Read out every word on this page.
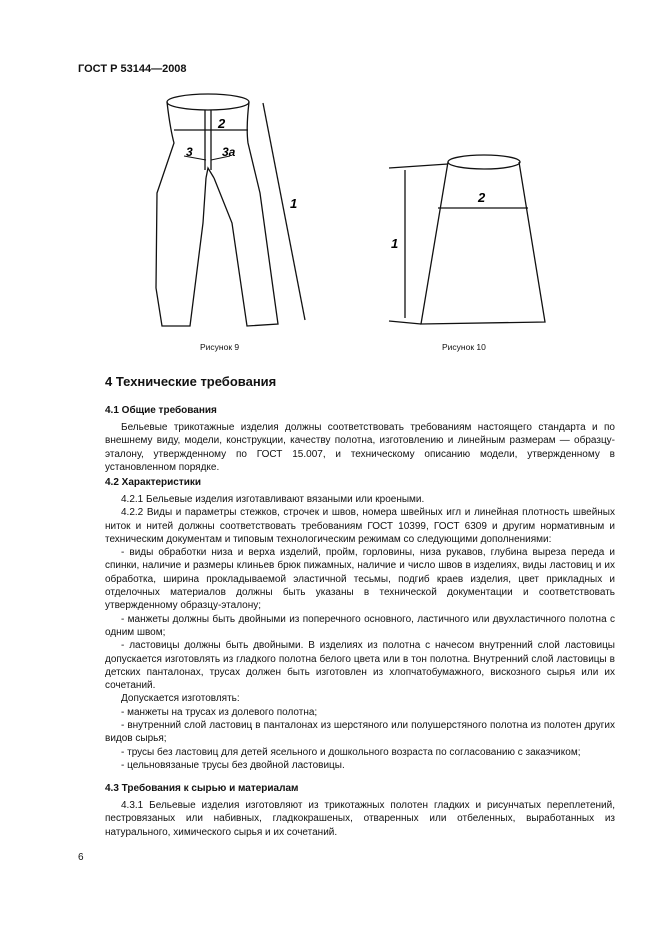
ГОСТ Р 53144—2008
2
3 3а
1
Рисунок 9
2
1
Рисунок 10
4 Технические требования
4.1 Общие требования

Бельевые трикотажные изделия должны соответствовать требованиям настоящего стандарта и по внешнему виду, модели, конструкции, качеству полотна, изготовлению и линейным размерам — образцу-эталону, утвержденному по ГОСТ 15.007, и техническому описанию модели, утвержденному в установленном порядке.

4.2 Характеристики

4.2.1 Бельевые изделия изготавливают вязаными или кроеными.

4.2.2 Виды и параметры стежков, строчек и швов, номера швейных игл и линейная плотность швейных ниток и нитей должны соответствовать требованиям ГОСТ 10399, ГОСТ 6309 и другим нормативным и техническим документам и типовым технологическим режимам со следующими дополнениями:

- виды обработки низа и верха изделий, пройм, горловины, низа рукавов, глубина выреза переда и спинки, наличие и размеры клиньев брюк пижамных, наличие и число швов в изделиях, виды ластовиц и их обработка, ширина прокладываемой эластичной тесьмы, подгиб краев изделия, цвет прикладных и отделочных материалов должны быть указаны в технической документации и соответствовать утвержденному образцу-эталону;

- манжеты должны быть двойными из поперечного основного, ластичного или двухластичного полотна с одним швом;

- ластовицы должны быть двойными. В изделиях из полотна с начесом внутренний слой ластовицы допускается изготовлять из гладкого полотна белого цвета или в тон полотна. Внутренний слой ластовицы в детских панталонах, трусах должен быть изготовлен из хлопчатобумажного, вискозного сырья или их сочетаний.

Допускается изготовлять:

- манжеты на трусах из долевого полотна;

- внутренний слой ластовиц в панталонах из шерстяного или полушерстяного полотна из полотен других видов сырья;

- трусы без ластовиц для детей ясельного и дошкольного возраста по согласованию с заказчиком;

- цельновязаные трусы без двойной ластовицы.

4.3 Требования к сырью и материалам

4.3.1 Бельевые изделия изготовляют из трикотажных полотен гладких и рисунчатых переплетений, пестровязаных или набивных, гладкокрашеных, отваренных или отбеленных, выработанных из натурального, химического сырья и их сочетаний.

6
